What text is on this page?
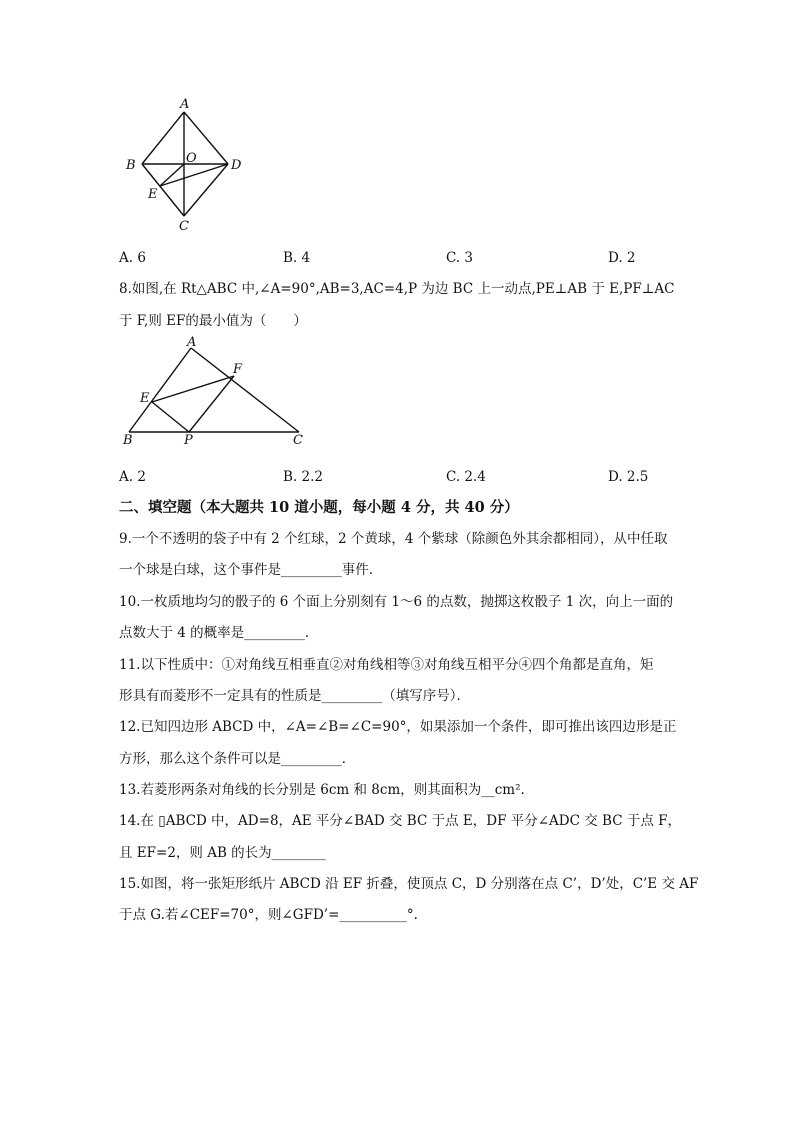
A
B	O	D
E
C
A. 6	B. 4	C. 3	D. 2
8.如图,在 Rt△ABC 中,∠A=90°,AB=3,AC=4,P 为边 BC 上一动点,PE⊥AB 于 E,PF⊥AC
于 F,则 EF的最小值为（　　）
A
F
E
B	P	C
A. 2	B. 2.2	C. 2.4	D. 2.5
二、填空题（本大题共 10 道小题，每小题 4 分，共 40 分）
9.一个不透明的袋子中有 2 个红球，2 个黄球，4 个紫球（除颜色外其余都相同），从中任取
一个球是白球，这个事件是_________事件．
10.一枚质地均匀的骰子的 6 个面上分别刻有 1～6 的点数，抛掷这枚骰子 1 次，向上一面的
点数大于 4 的概率是_________．
11.以下性质中：①对角线互相垂直②对角线相等③对角线互相平分④四个角都是直角，矩
形具有而菱形不一定具有的性质是_________（填写序号）．
12.已知四边形 ABCD 中，∠A=∠B=∠C=90°，如果添加一个条件，即可推出该四边形是正
方形，那么这个条件可以是_________．
13.若菱形两条对角线的长分别是 6cm 和 8cm，则其面积为__cm².
14.在 ▯ABCD 中，AD=8，AE 平分∠BAD 交 BC 于点 E，DF 平分∠ADC 交 BC 于点 F，
且 EF=2，则 AB 的长为________
15.如图，将一张矩形纸片 ABCD 沿 EF 折叠，使顶点 C，D 分别落在点 C’，D’处，C’E 交 AF
于点 G.若∠CEF=70°，则∠GFD’=__________°.
